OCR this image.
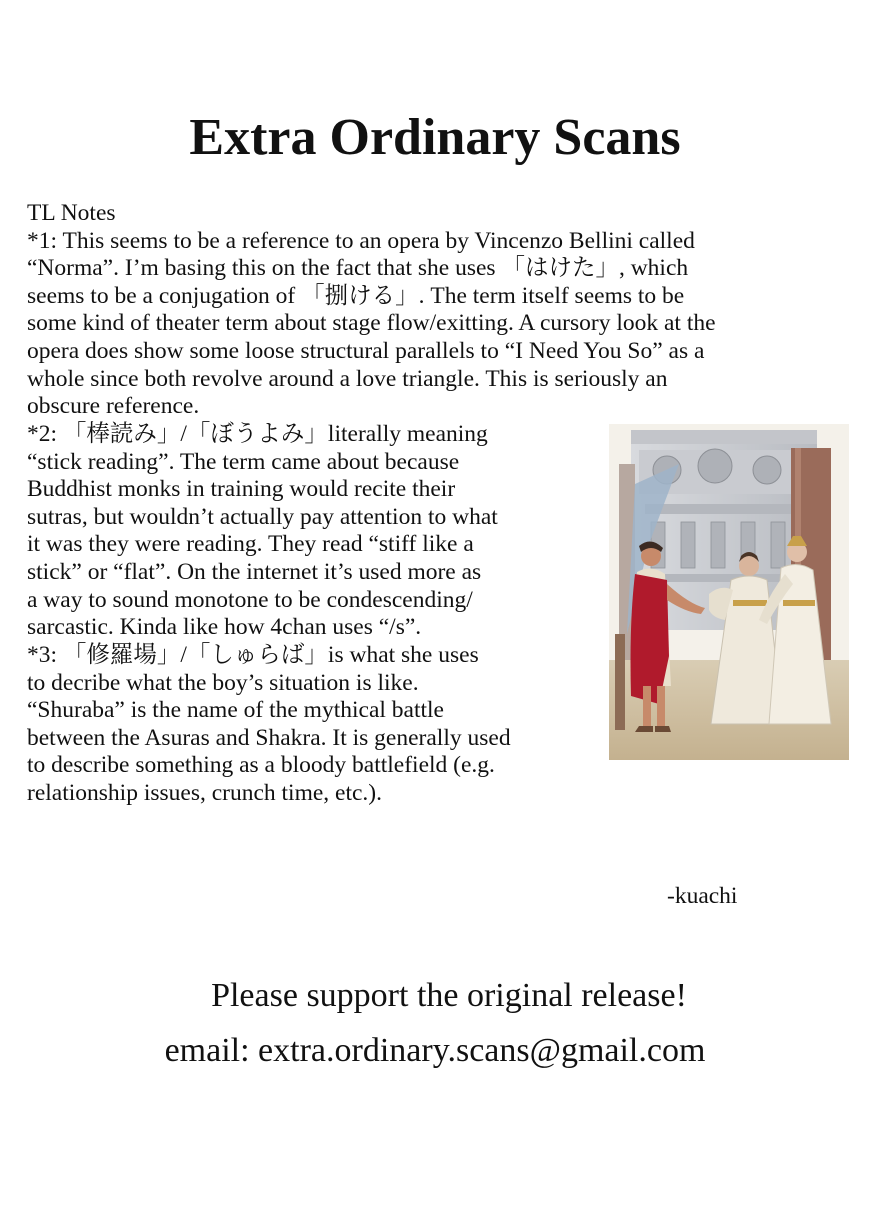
Extra Ordinary Scans
TL Notes
*1: This seems to be a reference to an opera by Vincenzo Bellini called
“Norma”. I’m basing this on the fact that she uses 「はけた」, which
seems to be a conjugation of 「捌ける」. The term itself seems to be
some kind of theater term about stage flow/exitting. A cursory look at the
opera does show some loose structural parallels to “I Need You So” as a
whole since both revolve around a love triangle. This is seriously an
obscure reference.
*2: 「棒読み」/「ぼうよみ」literally meaning
“stick reading”. The term came about because
Buddhist monks in training would recite their
sutras, but wouldn’t actually pay attention to what
it was they were reading. They read “stiff like a
stick” or “flat”. On the internet it’s used more as
a way to sound monotone to be condescending/
sarcastic. Kinda like how 4chan uses “/s”.
*3: 「修羅場」/「しゅらば」is what she uses
to decribe what the boy’s situation is like.
“Shuraba” is the name of the mythical battle
between the Asuras and Shakra. It is generally used
to describe something as a bloody battlefield (e.g.
relationship issues, crunch time, etc.).
-kuachi
Please support the original release!
email: extra.ordinary.scans@gmail.com
